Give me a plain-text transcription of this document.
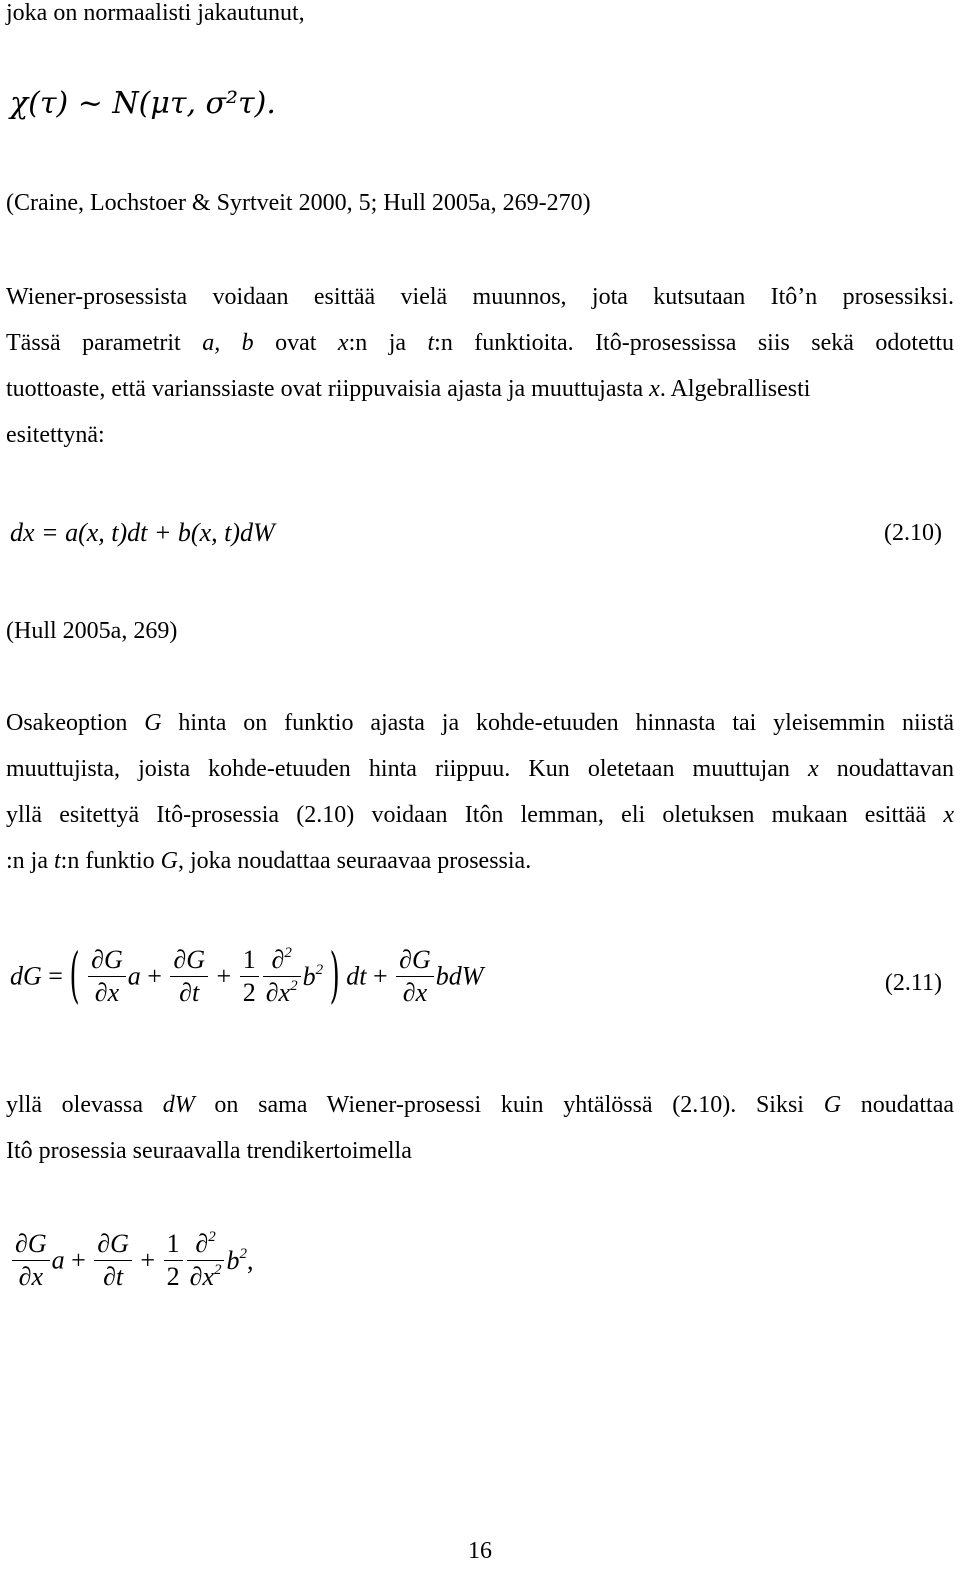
joka on normaalisti jakautunut,
χ(τ) ~ N(μτ, σ²τ).
(Craine, Lochstoer & Syrtveit 2000, 5; Hull 2005a, 269-270)
Wiener-prosessista voidaan esittää vielä muunnos, jota kutsutaan Itô’n prosessiksi.
Tässä parametrit a, b ovat x:n ja t:n funktioita. Itô-prosessissa siis sekä odotettu
tuottoaste, että varianssiaste ovat riippuvaisia ajasta ja muuttujasta x. Algebrallisesti
esitettynä:
dx = a(x, t)dt + b(x, t)dW	(2.10)
(Hull 2005a, 269)
Osakeoption G hinta on funktio ajasta ja kohde-etuuden hinnasta tai yleisemmin niistä
muuttujista, joista kohde-etuuden hinta riippuu. Kun oletetaan muuttujan x noudattavan
yllä esitettyä Itô-prosessia (2.10) voidaan Itôn lemman, eli oletuksen mukaan esittää x
:n ja t:n funktio G, joka noudattaa seuraavaa prosessia.
dG = ( $\frac{\partial G}{\partial x}$ $a + \frac{\partial G}{\partial t} + \frac{1}{2} \frac{\partial^2}{\partial x^2} b^2$ ) dt + $\frac{\partial G}{\partial x}$ bdW	(2.11)
yllä olevassa dW on sama Wiener-prosessi kuin yhtälössä (2.10). Siksi G noudattaa
Itô prosessia seuraavalla trendikertoimella
$\frac{\partial G}{\partial x}$ $a + \frac{\partial G}{\partial t} + \frac{1}{2} \frac{\partial^2}{\partial x^2} b^2$,
16
